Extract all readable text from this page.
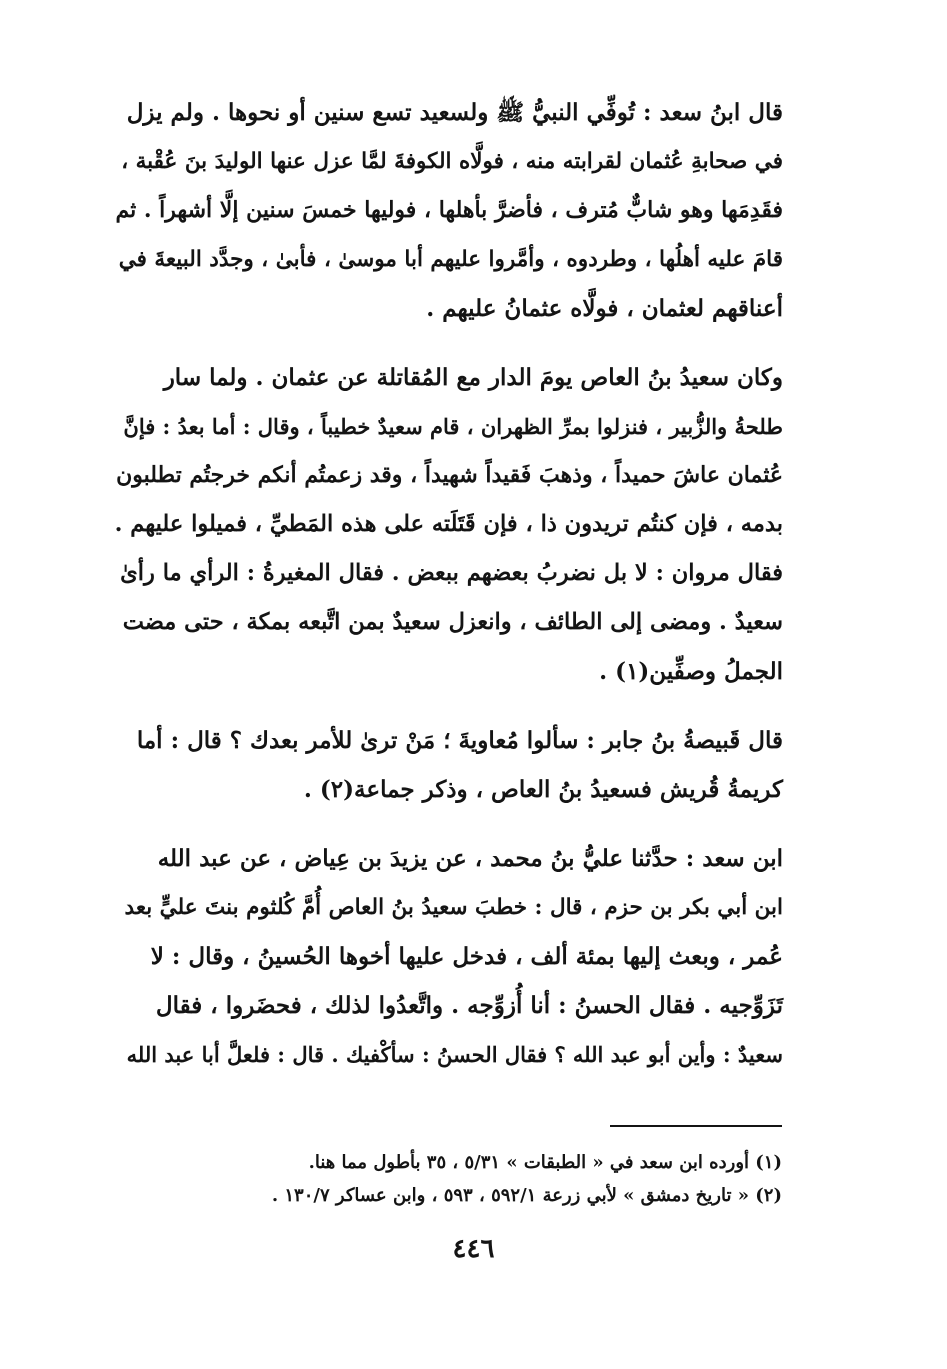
قال ابنُ سعد : تُوفِّي النبيُّ ﷺ ولسعيد تسع سنين أو نحوها . ولم يزل
في صحابةِ عُثمان لقرابته منه ، فولَّاه الكوفةَ لمَّا عزل عنها الوليدَ بنَ عُقْبة ،
فقَدِمَها وهو شابٌّ مُترف ، فأضرَّ بأهلها ، فوليها خمسَ سنين إلَّا أشهراً . ثم
قامَ عليه أهلُها ، وطردوه ، وأمَّروا عليهم أبا موسىٰ ، فأبىٰ ، وجدَّد البيعةَ في
أعناقهم لعثمان ، فولَّاه عثمانُ عليهم .

وكان سعيدُ بنُ العاص يومَ الدار مع المُقاتلة عن عثمان . ولما سار
طلحةُ والزُّبير ، فنزلوا بمرِّ الظهران ، قام سعيدٌ خطيباً ، وقال : أما بعدُ : فإنَّ
عُثمان عاشَ حميداً ، وذهبَ فَقيداً شهيداً ، وقد زعمتُم أنكم خرجتُم تطلبون
بدمه ، فإن كنتُم تريدون ذا ، فإن قَتَلَته على هذه المَطيِّ ، فميلوا عليهم .
فقال مروان : لا بل نضربُ بعضهم ببعض . فقال المغيرةُ : الرأي ما رأىٰ
سعيدٌ . ومضى إلى الطائف ، وانعزل سعيدٌ بمن اتَّبعه بمكة ، حتى مضت
الجملُ وصفِّين(١) .

قال قَبيصةُ بنُ جابر : سألوا مُعاويةَ ؛ مَنْ ترىٰ للأمر بعدك ؟ قال : أما
كريمةُ قُريش فسعيدُ بنُ العاص ، وذكر جماعة(٢) .

ابن سعد : حدَّثنا عليُّ بنُ محمد ، عن يزيدَ بن عِياض ، عن عبد الله
ابن أبي بكر بن حزم ، قال : خطبَ سعيدُ بنُ العاص أُمَّ كُلثوم بنتَ عليٍّ بعد
عُمر ، وبعث إليها بمئة ألف ، فدخل عليها أخوها الحُسينُ ، وقال : لا
تَزَوِّجيه . فقال الحسنُ : أنا أُزوِّجه . واتَّعدُوا لذلك ، فحضَروا ، فقال
سعيدٌ : وأين أبو عبد الله ؟ فقال الحسنُ : سأكْفيك . قال : فلعلَّ أبا عبد الله

(١) أورده ابن سعد في « الطبقات » ٥/٣١ ، ٣٥ بأطول مما هنا.
(٢) « تاريخ دمشق » لأبي زرعة ٥٩٢/١ ، ٥٩٣ ، وابن عساكر ١٣٠/٧ .
٤٤٦
